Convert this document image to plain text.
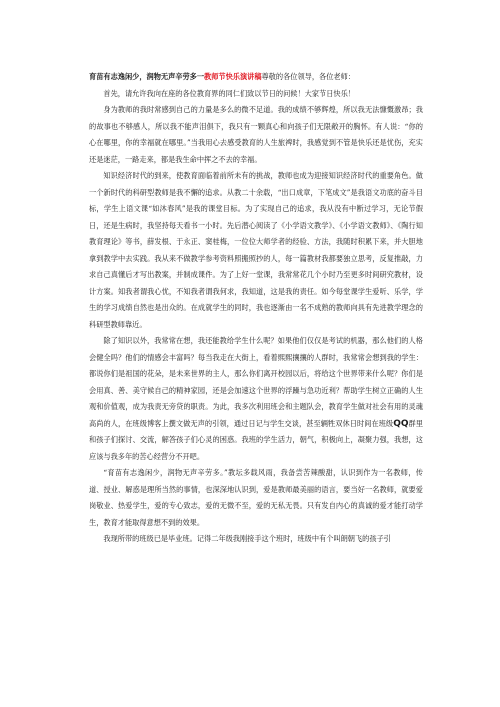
育苗有志逸闲少，润物无声辛劳多一教师节快乐演讲稿尊敬的各位领导，各位老师：

首先，请允许我向在座的各位教育界的同仁们致以节日的问候！大家节日快乐！

身为教师的我时常感到自己的力量是多么的微不足道。我的成绩不够辉煌，所以我无法慷慨激昂；我的故事也不够感人，所以我不能声泪俱下，我只有一颗真心和向孩子们无限敞开的胸怀。有人说：“你的心在哪里，你的幸福就在哪里。”当我用心去感受教育的人生旅裨时，我感觉到不管是快乐还是忧伤，充实还是迷茫，一路走来，都是我生命中挥之不去的幸福。

知识经济时代的到来，使教育面临着前所未有的挑战，教师也成为迎接知识经济时代的重要角色。做一个新时代的科研型教师是我不懈的追求。从教二十余载，“出口成章，下笔成文”是我语文功底的奋斗目标，学生上语文课“如沐春风”是我的课堂目标。为了实现自己的追求，我从没有中断过学习，无论节假日，还是生病时，我坚持每天看书一小时。先后潜心阅读了《小学语文教学》、《小学语文教师》、《陶行知教育理论》等书，薛发根、于永正、窦桂梅，一位位大师学者的经验、方法，我随时积累下来，并大胆地拿到教学中去实践。我从来不做教学参考资料照搬照抄的人，每一篇教材我都要独立思考，反复推敲，力求自己真懂后才写出教案，并制成课件。为了上好一堂课，我常常花几个小时乃至更多时间研究教材，设计方案。知我者谓我心忧，不知我者谓我何求，我知道，这是我的责任。如今每堂课学生爱听、乐学，学生的学习成绩自然也是出众的。在成就学生的同时，我也逐渐由一名不成熟的教师向具有先进教学理念的科研型教师靠近。

除了知识以外，我常常在想，我还能教给学生什么呢？如果他们仅仅是考试的机器，那么他们的人格会健全吗？他们的情感会丰富吗？每当我走在大街上，看着熙熙攘攘的人群时，我常常会想到我的学生：都说你们是祖国的花朵，是未来世界的主人，那么你们离开校园以后，将给这个世界带来什么呢？你们是会用真、善、美守候自己的精神家园，还是会加速这个世界的浮躁与急功近利？帮助学生树立正确的人生观和价值观，成为我责无旁贷的职责。为此，我多次利用班会和主题队会，教育学生做对社会有用的灵魂高尚的人，在班级博客上撰文做无声的引领，通过日记与学生交谈，甚至辆牲双休日时间在班级QQ群里和孩子们探讨、交流，解答孩子们心灵的困惑。我班的学生活力，朝气，积极向上，凝聚力强，我想，这应该与我多年的苦心经营分不开吧。

“育苗有志逸闲少，润物无声辛劳多。”教坛多载风雨，我备尝苦辣酸甜，认识到作为一名教师，传道、授业、解惑是理所当然的事情，也深深地认识到，爱是教师最美丽的语言，要当好一名教师，就要爱岗敬业、热爱学生，爱的专心致志，爱的无微不至，爱的无私无畏。只有发自内心的真诚的爱才能打动学生，教育才能取得意想不到的效果。

我现所带的班级已是毕业班。记得二年级我刚接手这个班时，班级中有个叫朗朝飞的孩子引
